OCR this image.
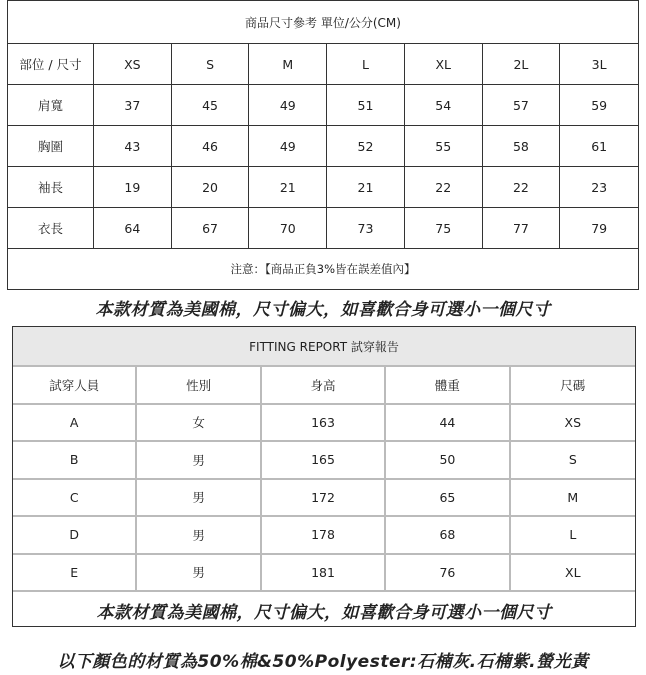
商品尺寸參考 單位/公分(CM)
部位 / 尺寸	XS	S	M	L	XL	2L	3L
肩寬	37	45	49	51	54	57	59
胸圍	43	46	49	52	55	58	61
袖長	19	20	21	21	22	22	23
衣長	64	67	70	73	75	77	79
注意：【商品正負3%皆在誤差值內】
本款材質為美國棉，尺寸偏大，如喜歡合身可選小一個尺寸
FITTING REPORT 試穿報告
試穿人員	性別	身高	體重	尺碼
A	女	163	44	XS
B	男	165	50	S
C	男	172	65	M
D	男	178	68	L
E	男	181	76	XL
本款材質為美國棉，尺寸偏大，如喜歡合身可選小一個尺寸
以下顏色的材質為50%棉&50%Polyester:石楠灰.石楠紫.螢光黃
